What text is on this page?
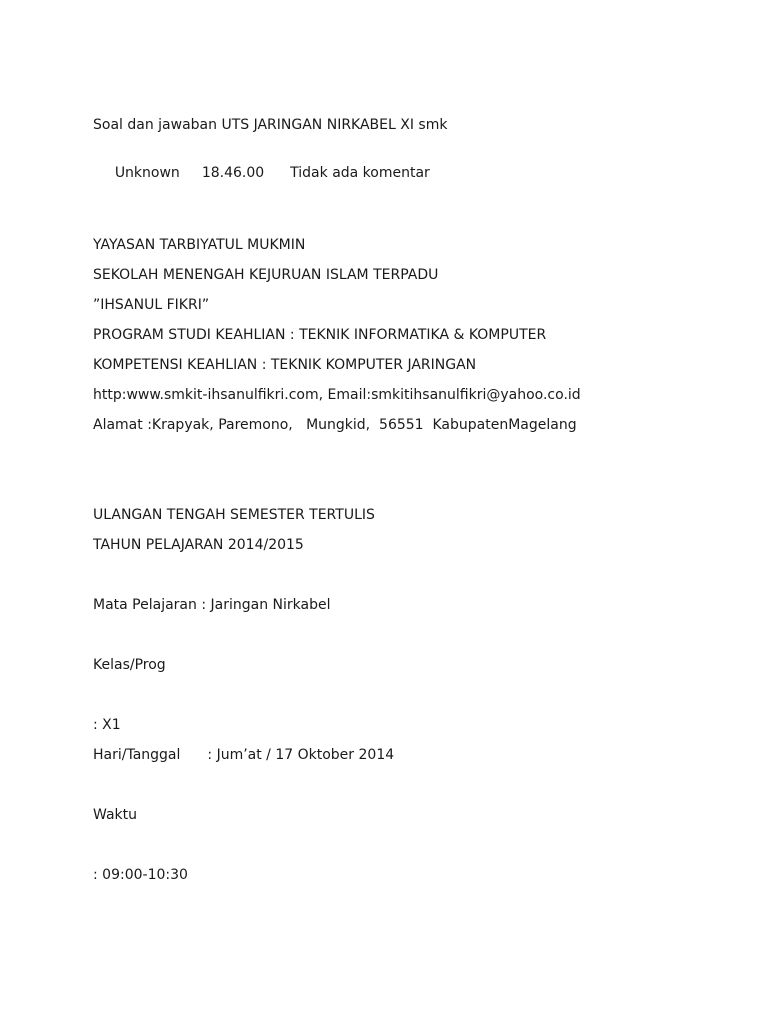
Soal dan jawaban UTS JARINGAN NIRKABEL XI smk

Unknown 18.46.00 Tidak ada komentar

YAYASAN TARBIYATUL MUKMIN

SEKOLAH MENENGAH KEJURUAN ISLAM TERPADU

”IHSANUL FIKRI”

PROGRAM STUDI KEAHLIAN : TEKNIK INFORMATIKA & KOMPUTER

KOMPETENSI KEAHLIAN : TEKNIK KOMPUTER JARINGAN

http:www.smkit-ihsanulfikri.com, Email:smkitihsanulfikri@yahoo.co.id

Alamat :Krapyak, Paremono,   Mungkid,  56551  KabupatenMagelang

ULANGAN TENGAH SEMESTER TERTULIS

TAHUN PELAJARAN 2014/2015

Mata Pelajaran : Jaringan Nirkabel

Kelas/Prog

: X1

Hari/Tanggal : Jum’at / 17 Oktober 2014

Waktu

: 09:00-10:30
